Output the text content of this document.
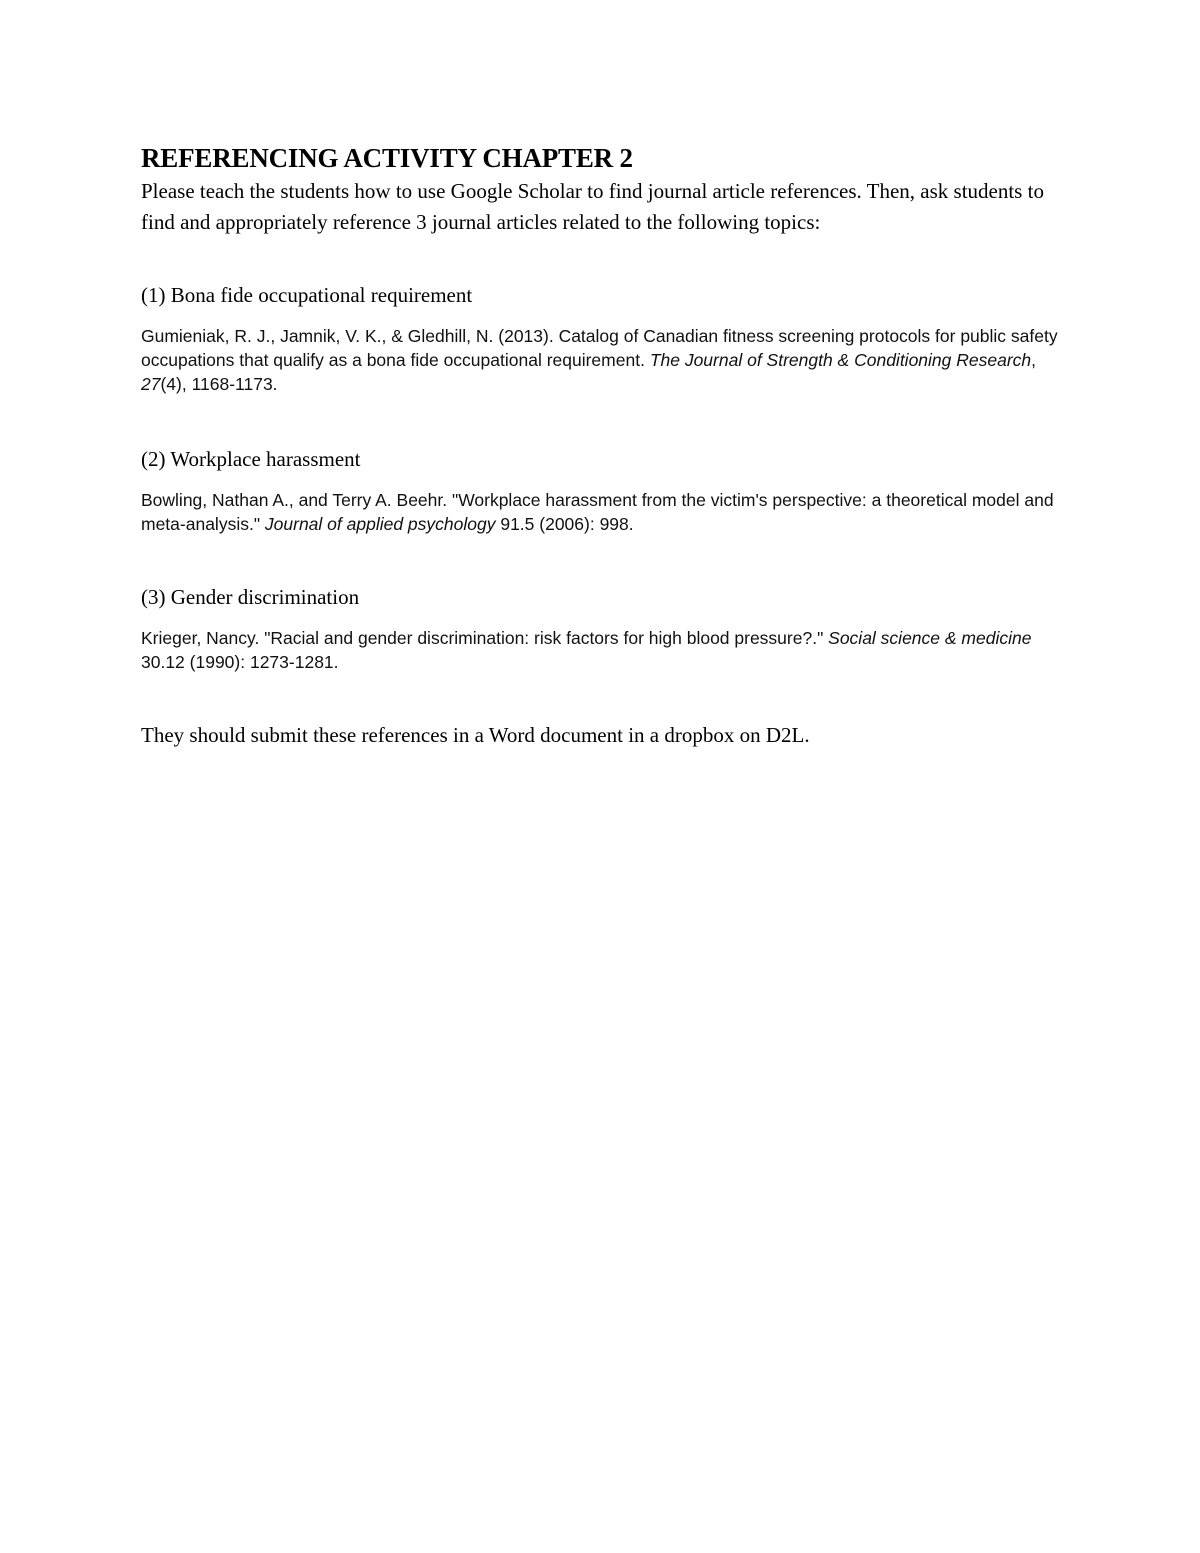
REFERENCING ACTIVITY CHAPTER 2

Please teach the students how to use Google Scholar to find journal article references. Then, ask students to find and appropriately reference 3 journal articles related to the following topics:

(1) Bona fide occupational requirement

Gumieniak, R. J., Jamnik, V. K., & Gledhill, N. (2013). Catalog of Canadian fitness screening protocols for public safety occupations that qualify as a bona fide occupational requirement. The Journal of Strength & Conditioning Research, 27(4), 1168-1173.

(2) Workplace harassment

Bowling, Nathan A., and Terry A. Beehr. "Workplace harassment from the victim's perspective: a theoretical model and meta-analysis." Journal of applied psychology 91.5 (2006): 998.

(3) Gender discrimination

Krieger, Nancy. "Racial and gender discrimination: risk factors for high blood pressure?." Social science & medicine 30.12 (1990): 1273-1281.

They should submit these references in a Word document in a dropbox on D2L.
